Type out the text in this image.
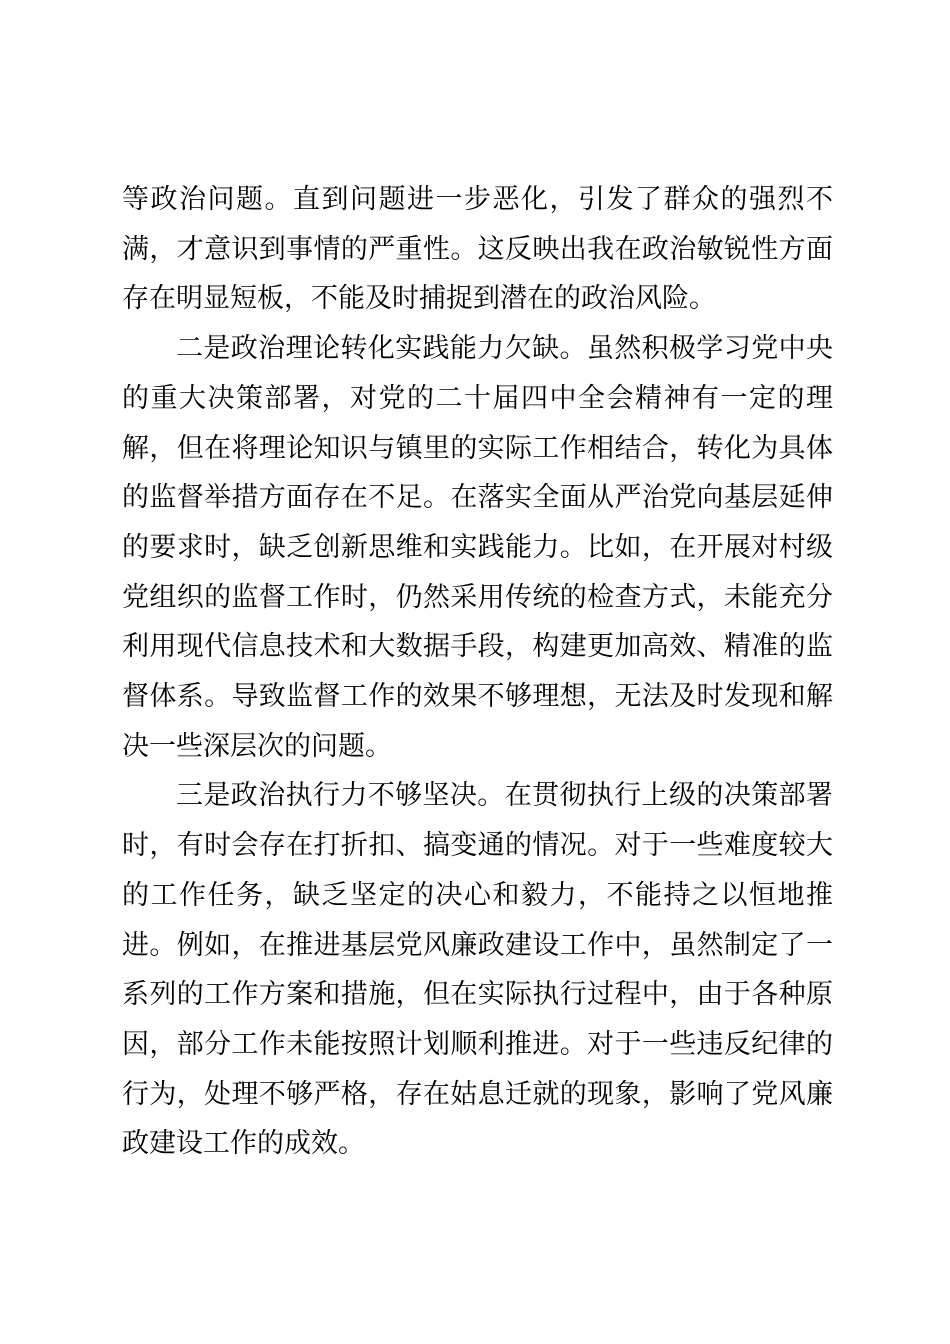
等政治问题。直到问题进一步恶化，引发了群众的强烈不满，才意识到事情的严重性。这反映出我在政治敏锐性方面存在明显短板，不能及时捕捉到潜在的政治风险。

二是政治理论转化实践能力欠缺。虽然积极学习党中央的重大决策部署，对党的二十届四中全会精神有一定的理解，但在将理论知识与镇里的实际工作相结合，转化为具体的监督举措方面存在不足。在落实全面从严治党向基层延伸的要求时，缺乏创新思维和实践能力。比如，在开展对村级党组织的监督工作时，仍然采用传统的检查方式，未能充分利用现代信息技术和大数据手段，构建更加高效、精准的监督体系。导致监督工作的效果不够理想，无法及时发现和解决一些深层次的问题。

三是政治执行力不够坚决。在贯彻执行上级的决策部署时，有时会存在打折扣、搞变通的情况。对于一些难度较大的工作任务，缺乏坚定的决心和毅力，不能持之以恒地推进。例如，在推进基层党风廉政建设工作中，虽然制定了一系列的工作方案和措施，但在实际执行过程中，由于各种原因，部分工作未能按照计划顺利推进。对于一些违反纪律的行为，处理不够严格，存在姑息迁就的现象，影响了党风廉政建设工作的成效。
